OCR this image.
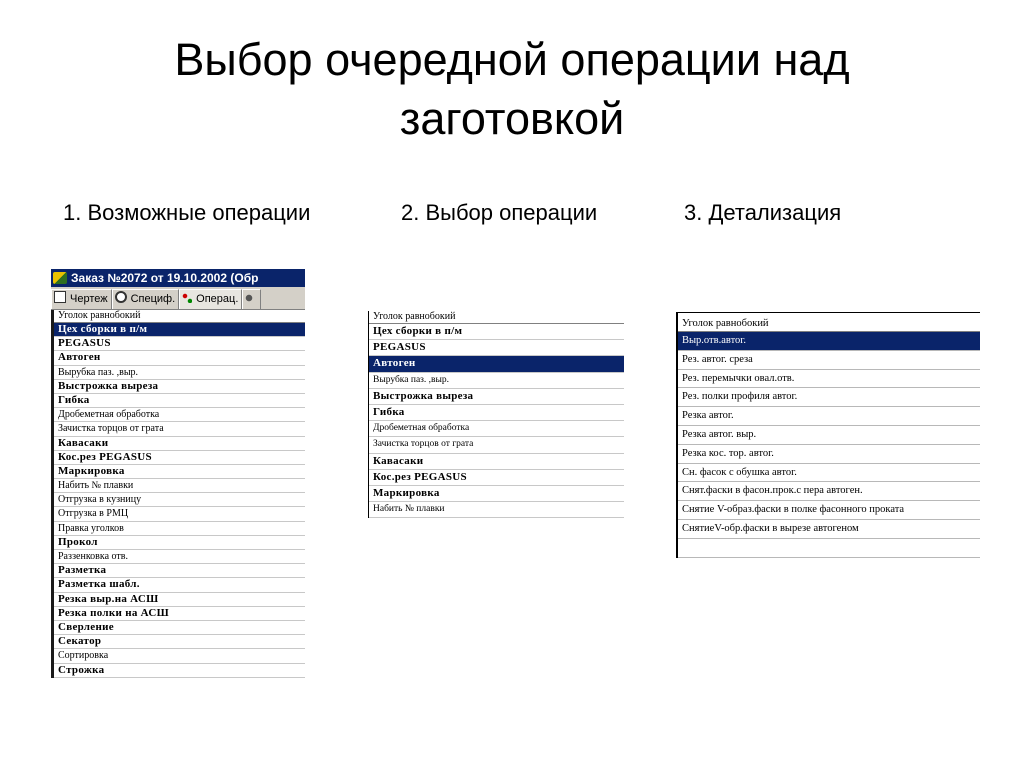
Выбор очередной операции над
заготовкой
1. Возможные операции	2. Выбор операции	3. Детализация
Заказ №2072 от 19.10.2002 (Обр
Чертеж Специф. Операц.
Уголок равнобокий
Цех сборки в п/м
PEGASUS
Автоген
Вырубка паз. ,выр.
Выстрожка выреза
Гибка
Дробеметная обработка
Зачистка торцов от грата
Кавасаки
Кос.рез PEGASUS
Маркировка
Набить № плавки
Отгрузка в кузницу
Отгрузка в РМЦ
Правка уголков
Прокол
Раззенковка отв.
Разметка
Разметка шабл.
Резка выр.на АСШ
Резка полки на АСШ
Сверление
Секатор
Сортировка
Строжка
Уголок равнобокий
Цех сборки в п/м
PEGASUS
Автоген
Вырубка паз. ,выр.
Выстрожка выреза
Гибка
Дробеметная обработка
Зачистка торцов от грата
Кавасаки
Кос.рез PEGASUS
Маркировка
Набить № плавки
Уголок равнобокий
Выр.отв.автог.
Рез. автог. среза
Рез. перемычки овал.отв.
Рез. полки профиля автог.
Резка автог.
Резка автог. выр.
Резка кос. тор. автог.
Сн. фасок с обушка автог.
Снят.фаски в фасон.прок.с пера автоген.
Снятие V-образ.фаски в полке фасонного проката
СнятиеV-обр.фаски в вырезе автогеном
